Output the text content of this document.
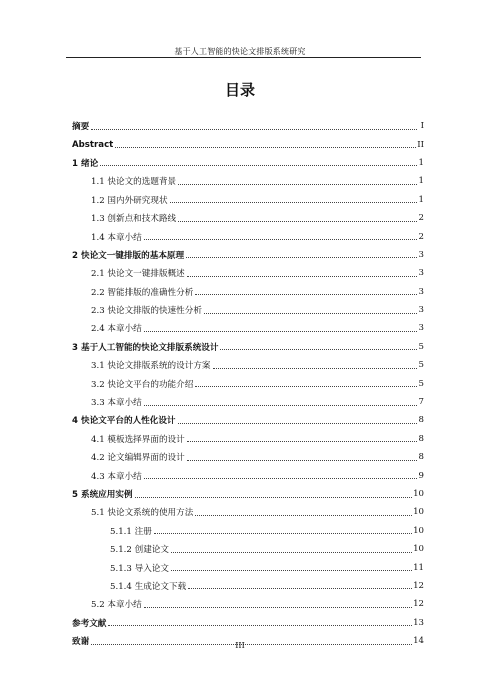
基于人工智能的快论文排版系统研究
目录
摘要	I
Abstract	II
1 绪论	1
1.1 快论文的选题背景	1
1.2 国内外研究现状	1
1.3 创新点和技术路线	2
1.4 本章小结	2
2 快论文一键排版的基本原理	3
2.1 快论文一键排版概述	3
2.2 智能排版的准确性分析	3
2.3 快论文排版的快速性分析	3
2.4 本章小结	3
3 基于人工智能的快论文排版系统设计	5
3.1 快论文排版系统的设计方案	5
3.2 快论文平台的功能介绍	5
3.3 本章小结	7
4 快论文平台的人性化设计	8
4.1 模板选择界面的设计	8
4.2 论文编辑界面的设计	8
4.3 本章小结	9
5 系统应用实例	10
5.1 快论文系统的使用方法	10
5.1.1 注册	10
5.1.2 创建论文	10
5.1.3 导入论文	11
5.1.4 生成论文下载	12
5.2 本章小结	12
参考文献	13
致谢	14
III
